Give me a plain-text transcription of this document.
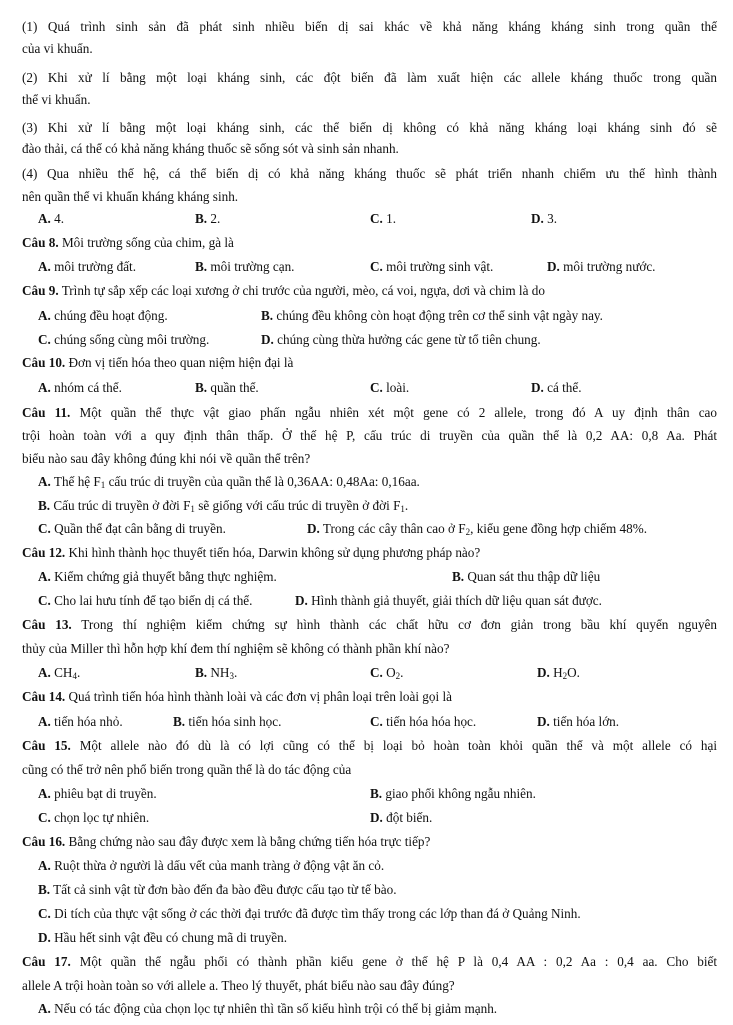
(1) Quá trình sinh sản đã phát sinh nhiều biến dị sai khác về khả năng kháng kháng sinh trong quần thể
của vi khuẩn.
(2) Khi xử lí bằng một loại kháng sinh, các đột biến đã làm xuất hiện các allele kháng thuốc trong quần
thể vi khuẩn.
(3) Khi xử lí bằng một loại kháng sinh, các thể biến dị không có khả năng kháng loại kháng sinh đó sẽ
đào thải, cá thể có khả năng kháng thuốc sẽ sống sót và sinh sản nhanh.
(4) Qua nhiều thế hệ, cá thể biến dị có khả năng kháng thuốc sẽ phát triển nhanh chiếm ưu thế hình thành
nên quần thể vi khuẩn kháng kháng sinh.
A. 4.	B. 2.	C. 1.	D. 3.
Câu 8. Môi trường sống của chim, gà là
A. môi trường đất.	B. môi trường cạn.	C. môi trường sinh vật.	D. môi trường nước.
Câu 9. Trình tự sắp xếp các loại xương ở chi trước của người, mèo, cá voi, ngựa, dơi và chim là do
A. chúng đều hoạt động.	B. chúng đều không còn hoạt động trên cơ thể sinh vật ngày nay.
C. chúng sống cùng môi trường.	D. chúng cùng thừa hưởng các gene từ tổ tiên chung.
Câu 10. Đơn vị tiến hóa theo quan niệm hiện đại là
A. nhóm cá thể.	B. quần thể.	C. loài.	D. cá thể.
Câu 11. Một quần thể thực vật giao phấn ngẫu nhiên xét một gene có 2 allele, trong đó A uy định thân cao
trội hoàn toàn với a quy định thân thấp. Ở thế hệ P, cấu trúc di truyền của quần thể là 0,2 AA: 0,8 Aa. Phát
biểu nào sau đây không đúng khi nói về quần thể trên?
A. Thế hệ $F_1$ cấu trúc di truyền của quần thể là 0,36AA: 0,48Aa: 0,16aa.
B. Cấu trúc di truyền ở đời $F_1$ sẽ giống với cấu trúc di truyền ở đời $F_1$.
C. Quần thể đạt cân bằng di truyền.	D. Trong các cây thân cao ở $F_2$, kiểu gene đồng hợp chiếm 48%.
Câu 12. Khi hình thành học thuyết tiến hóa, Darwin không sử dụng phương pháp nào?
A. Kiểm chứng giả thuyết bằng thực nghiệm.	B. Quan sát thu thập dữ liệu
C. Cho lai hưu tính để tạo biến dị cá thể.	D. Hình thành giả thuyết, giải thích dữ liệu quan sát được.
Câu 13. Trong thí nghiệm kiểm chứng sự hình thành các chất hữu cơ đơn giản trong bầu khí quyển nguyên
thủy của Miller thì hỗn hợp khí đem thí nghiệm sẽ không có thành phần khí nào?
A. $CH_4$.	B. $NH_3$.	C. $O_2$.	D. $H_2O$.
Câu 14. Quá trình tiến hóa hình thành loài và các đơn vị phân loại trên loài gọi là
A. tiến hóa nhỏ.	B. tiến hóa sinh học.	C. tiến hóa hóa học.	D. tiến hóa lớn.
Câu 15. Một allele nào đó dù là có lợi cũng có thể bị loại bỏ hoàn toàn khỏi quần thể và một allele có hại
cũng có thể trở nên phổ biến trong quần thể là do tác động của
A. phiêu bạt di truyền.	B. giao phối không ngẫu nhiên.
C. chọn lọc tự nhiên.	D. đột biến.
Câu 16. Bằng chứng nào sau đây được xem là bằng chứng tiến hóa trực tiếp?
A. Ruột thừa ở người là dấu vết của manh tràng ở động vật ăn cỏ.
B. Tất cả sinh vật từ đơn bào đến đa bào đều được cấu tạo từ tế bào.
C. Di tích của thực vật sống ở các thời đại trước đã được tìm thấy trong các lớp than đá ở Quảng Ninh.
D. Hầu hết sinh vật đều có chung mã di truyền.
Câu 17. Một quần thể ngẫu phối có thành phần kiểu gene ở thế hệ P là 0,4 AA : 0,2 Aa : 0,4 aa. Cho biết
allele A trội hoàn toàn so với allele a. Theo lý thuyết, phát biểu nào sau đây đúng?
A. Nếu có tác động của chọn lọc tự nhiên thì tần số kiểu hình trội có thể bị giảm mạnh.
